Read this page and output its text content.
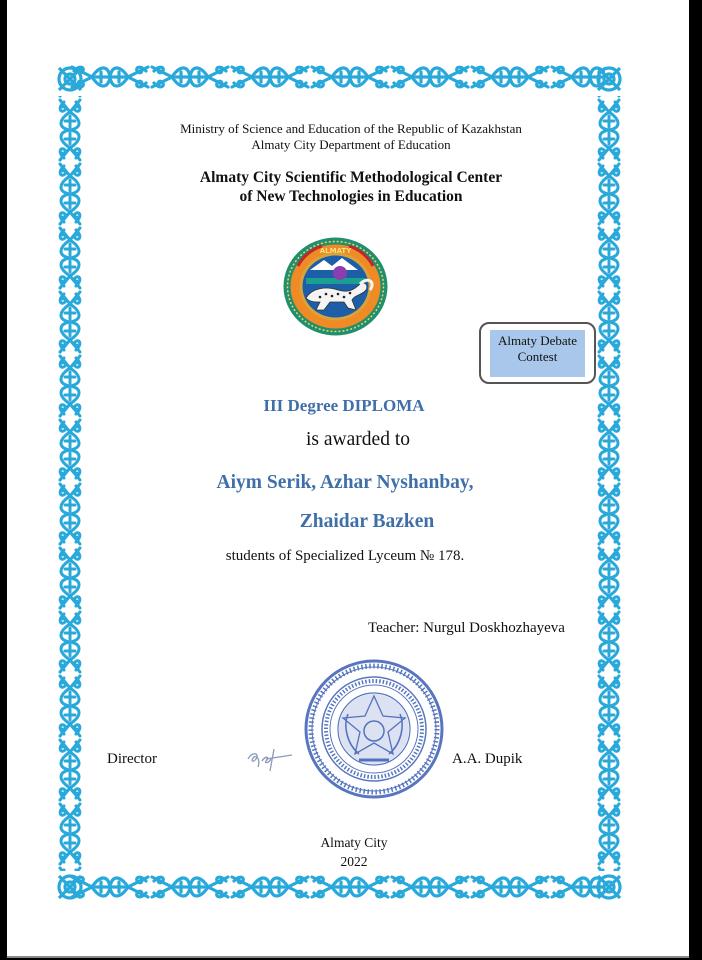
Ministry of Science and Education of the Republic of Kazakhstan
Almaty City Department of Education
Almaty City Scientific Methodological Center
of New Technologies in Education
ALMATY
Almaty Debate
Contest
III Degree DIPLOMA
is awarded to
Aiym Serik, Azhar Nyshanbay,
Zhaidar Bazken
students of Specialized Lyceum № 178.
Teacher: Nurgul Doskhozhayeva
Director	A.A. Dupik
Almaty City
2022
